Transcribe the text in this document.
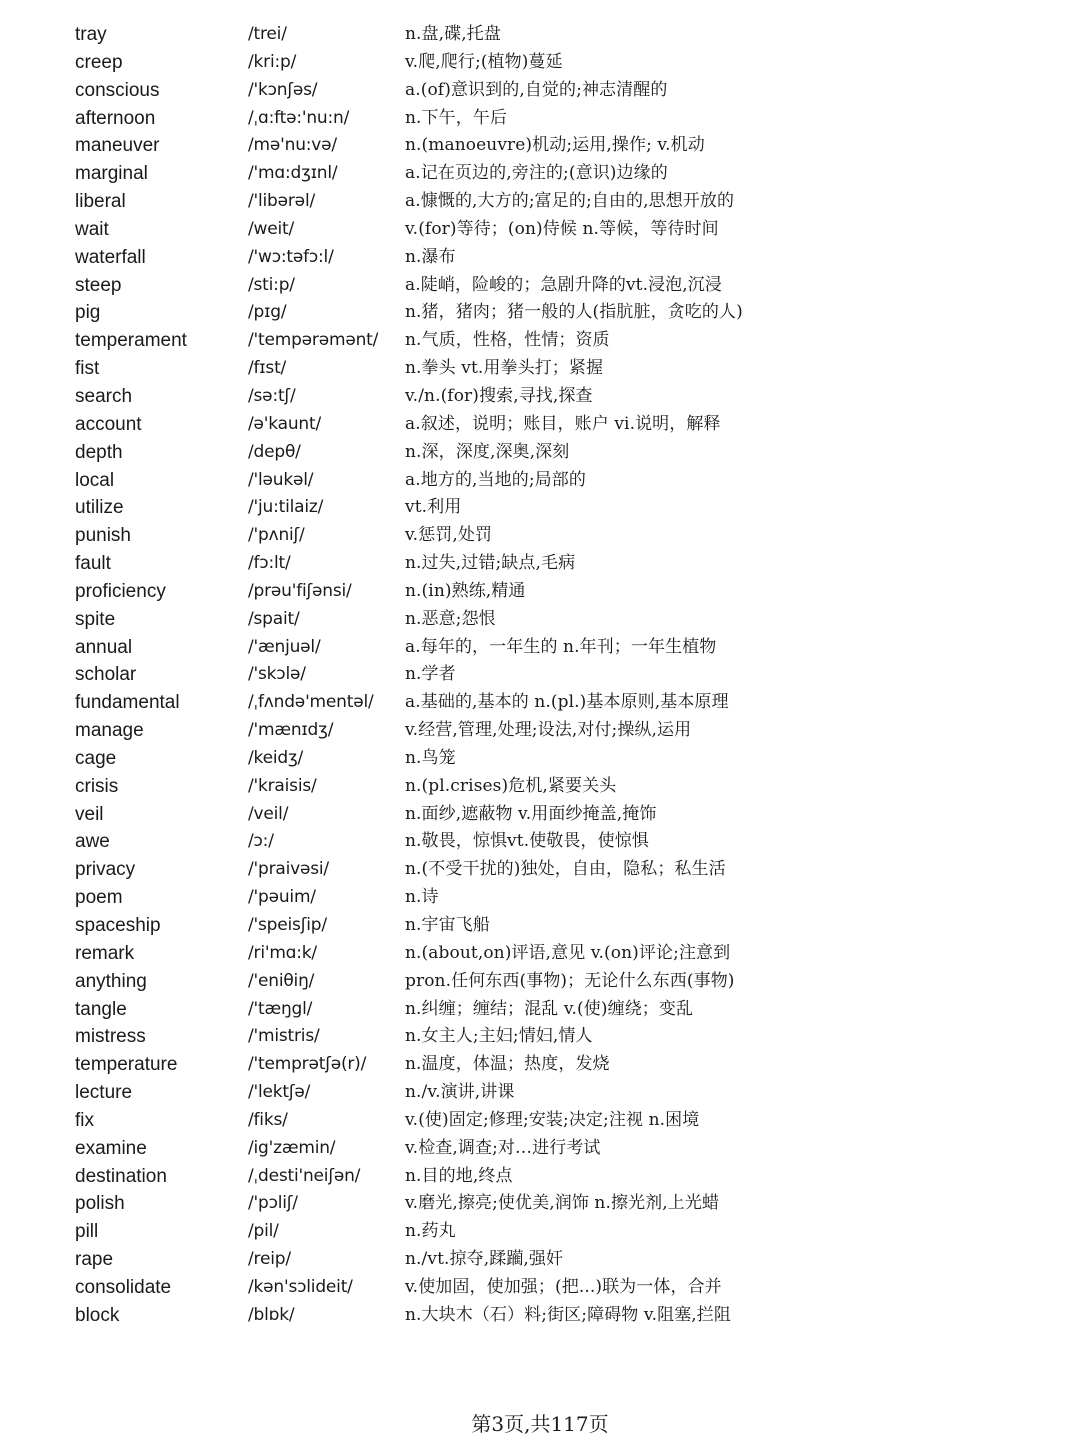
tray	/trei/	n.盘,碟,托盘
creep	/kri:p/	v.爬,爬行;(植物)蔓延
conscious	/'kɔnʃəs/	a.(of)意识到的,自觉的;神志清醒的
afternoon	/ˌɑ:ftə:'nu:n/	n.下午，午后
maneuver	/mə'nu:və/	n.(manoeuvre)机动;运用,操作; v.机动
marginal	/'mɑ:dʒɪnl/	a.记在页边的,旁注的;(意识)边缘的
liberal	/'libərəl/	a.慷慨的,大方的;富足的;自由的,思想开放的
wait	/weit/	v.(for)等待；(on)侍候 n.等候，等待时间
waterfall	/'wɔ:təfɔ:l/	n.瀑布
steep	/sti:p/	a.陡峭，险峻的；急剧升降的vt.浸泡,沉浸
pig	/pɪg/	n.猪，猪肉；猪一般的人(指肮脏，贪吃的人)
temperament	/'tempərəmənt/ n.气质，性格，性情；资质
fist	/fɪst/	n.拳头 vt.用拳头打；紧握
search	/sə:tʃ/	v./n.(for)搜索,寻找,探查
account	/ə'kaunt/	a.叙述，说明；账目，账户 vi.说明，解释
depth	/depθ/	n.深，深度,深奥,深刻
local	/'ləukəl/	a.地方的,当地的;局部的
utilize	/'ju:tilaiz/	vt.利用
punish	/'pʌniʃ/	v.惩罚,处罚
fault	/fɔ:lt/	n.过失,过错;缺点,毛病
proficiency	/prəu'fiʃənsi/	n.(in)熟练,精通
spite	/spait/	n.恶意;怨恨
annual	/'ænjuəl/	a.每年的，一年生的 n.年刊；一年生植物
scholar	/'skɔlə/	n.学者
fundamental	/ˌfʌndə'mentəl/ a.基础的,基本的 n.(pl.)基本原则,基本原理
manage	/'mænɪdʒ/	v.经营,管理,处理;设法,对付;操纵,运用
cage	/keidʒ/	n.鸟笼
crisis	/'kraisis/	n.(pl.crises)危机,紧要关头
veil	/veil/	n.面纱,遮蔽物 v.用面纱掩盖,掩饰
awe	/ɔ:/	n.敬畏，惊惧vt.使敬畏，使惊惧
privacy	/'praivəsi/	n.(不受干扰的)独处，自由，隐私；私生活
poem	/'pəuim/	n.诗
spaceship	/'speisʃip/	n.宇宙飞船
remark	/ri'mɑ:k/	n.(about,on)评语,意见 v.(on)评论;注意到
anything	/'eniθiŋ/	pron.任何东西(事物)；无论什么东西(事物)
tangle	/'tæŋgl/	n.纠缠；缠结；混乱 v.(使)缠绕；变乱
mistress	/'mistris/	n.女主人;主妇;情妇,情人
temperature	/'temprətʃə(r)/ n.温度，体温；热度，发烧
lecture	/'lektʃə/	n./v.演讲,讲课
fix	/fiks/	v.(使)固定;修理;安装;决定;注视 n.困境
examine	/ig'zæmin/	v.检查,调查;对…进行考试
destination	/ˌdesti'neiʃən/	n.目的地,终点
polish	/'pɔliʃ/	v.磨光,擦亮;使优美,润饰 n.擦光剂,上光蜡
pill	/pil/	n.药丸
rape	/reip/	n./vt.掠夺,蹂躏,强奸
consolidate	/kən'sɔlideit/	v.使加固，使加强；(把...)联为一体，合并
block	/blɒk/	n.大块木（石）料;街区;障碍物 v.阻塞,拦阻
第3页,共117页
